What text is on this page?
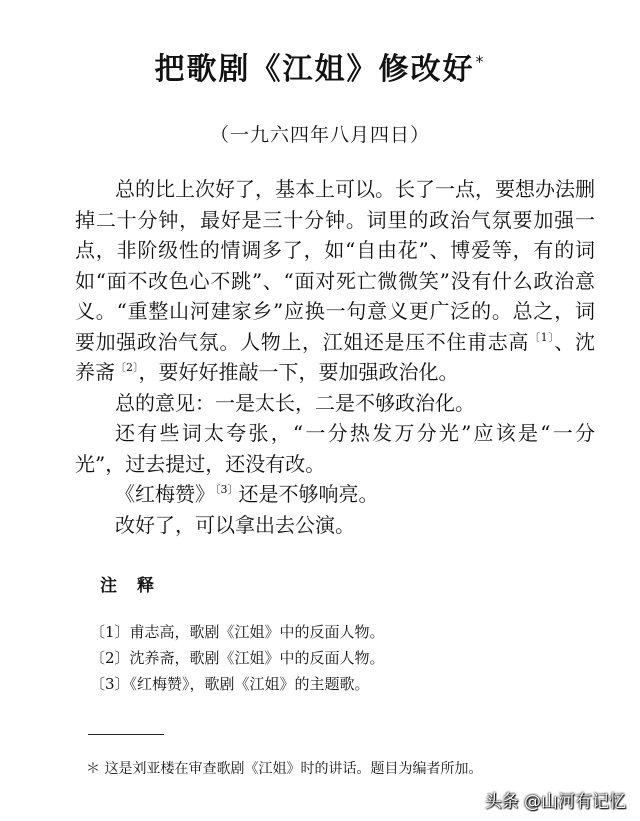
把歌剧《江姐》修改好*
（一九六四年八月四日）

总的比上次好了，基本上可以。长了一点，要想办法删掉二十分钟，最好是三十分钟。词里的政治气氛要加强一点，非阶级性的情调多了，如“自由花”、博爱等，有的词如“面不改色心不跳”、“面对死亡微微笑”没有什么政治意义。“重整山河建家乡”应换一句意义更广泛的。总之，词要加强政治气氛。人物上，江姐还是压不住甫志高$^{〔1〕}$、沈养斋$^{〔2〕}$，要好好推敲一下，要加强政治化。

总的意见：一是太长，二是不够政治化。

还有些词太夸张，“一分热发万分光”应该是“一分光”，过去提过，还没有改。

《红梅赞》$^{〔3〕}$还是不够响亮。

改好了，可以拿出去公演。

注释
〔1〕甫志高，歌剧《江姐》中的反面人物。
〔2〕沈养斋，歌剧《江姐》中的反面人物。
〔3〕《红梅赞》，歌剧《江姐》的主题歌。
＊ 这是刘亚楼在审查歌剧《江姐》时的讲话。题目为编者所加。
头条 @山河有记忆
